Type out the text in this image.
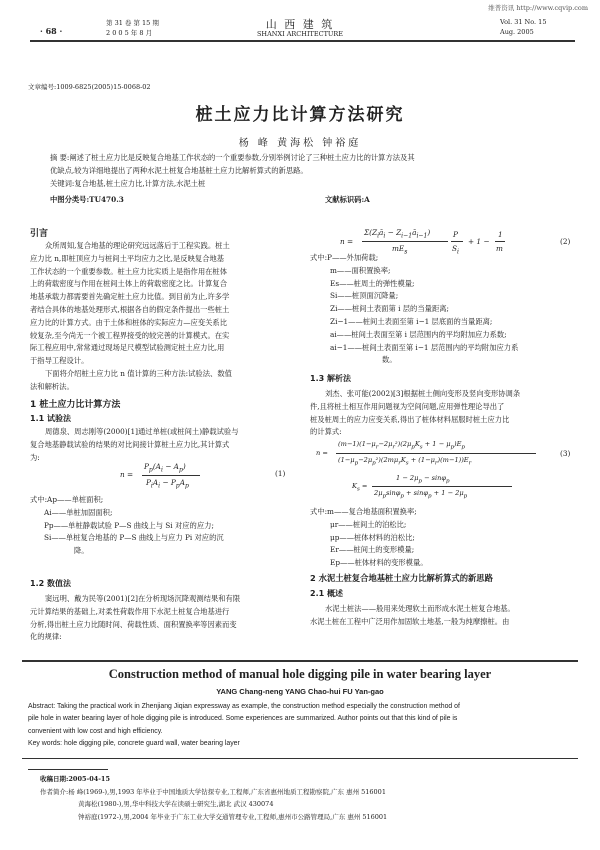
维普资讯 http://www.cqvip.com
· 68 ·
第 31 卷 第 15 期
2 0 0 5 年 8 月
山 西 建 筑
SHANXI ARCHITECTURE
Vol. 31 No. 15
Aug. 2005
文章编号:1009-6825(2005)15-0068-02
桩土应力比计算方法研究
杨 峰 黄海松 钟裕庭
摘 要:阐述了桩土应力比是反映复合地基工作状态的一个重要参数,分别举例讨论了三种桩土应力比的计算方法及其
优缺点,较为详细地提出了两种水泥土桩复合地基桩土应力比解析算式的新思路。
关键词:复合地基,桩土应力比,计算方法,水泥土桩
中图分类号:TU470.3	文献标识码:A
引言
众所周知,复合地基的理论研究远远落后于工程实践。桩土
应力比 n,即桩顶应力与桩间土平均应力之比,是反映复合地基
工作状态的一个重要参数。桩土应力比实质上是指作用在桩体
上的荷载密度与作用在桩间土体上的荷载密度之比。计算复合
地基承载力都需要首先确定桩土应力比值。到目前为止,许多学
者结合具体的地基处理形式,根据各自的假定条件提出一些桩土
应力比的计算方式。由于土体和桩体的实际应力—应变关系比
较复杂,至今尚无一个被工程界接受的较完善的计算模式。在实
际工程应用中,常常通过现场足尺模型试验测定桩土应力比,用
于指导工程设计。
下面将介绍桩土应力比 n 值计算的三种方法:试验法、数值
法和解析法。
1 桩土应力比计算方法
1.1 试验法
周德泉、周志刚等(2000)[1]通过单桩(或桩间土)静载试验与
复合地基静载试验的结果的对比间接计算桩土应力比,其计算式
为:
n =
$P_p(A_i - A_p)$
$P_iA_i - P_pA_p$
(1)
式中:Ap——单桩面积;
Ai——单桩加固面积;
Pp——单桩静载试验 P—S 曲线上与 Si 对应的应力;
Si——单桩复合地基的 P—S 曲线上与应力 Pi 对应的沉
降。
1.2 数值法
窦远明、戴为民等(2001)[2]在分析现场沉降观测结果和有限
元计算结果的基础上,对柔性荷载作用下水泥土桩复合地基进行
分析,得出桩土应力比随时间、荷载性质、面积置换率等因素而变
化的规律:
n =
$\Sigma(Z_iā_i$ − $Z_{i-1}ā_{i-1}$)
$mE_s$
P
$S_i$
+ 1 −
1
m
(2)
式中:P——外加荷载;
m——面积置换率;
Es——桩周土的弹性模量;
Si——桩顶面沉降量;
Zi——桩间土表面第 i 层的当量距离;
Zi−1——桩间土表面至第 i−1 层底面的当量距离;
ai——桩间土表面至第 i 层范围内的平均附加应力系数;
ai−1——桩间土表面至第 i−1 层范围内的平均附加应力系
数。
1.3 解析法
刘杰、张可能(2002)[3]根据桩土侧向变形及竖向变形协调条
件,且将桩土相互作用问题视为空间问题,应用弹性理论导出了
桩及桩周土的应力应变关系,得出了桩体材料屈服时桩土应力比
的计算式:
n =
$(m-1)(1-\mu_r-2\mu_r^2)(2\mu_pK_s + 1 - \mu_p)E_p$
$(1-\mu_p-2\mu_p^2)(2m\mu_rK_s + (1-\mu_r)(m-1))E_r$
(3)
$K_s$ =
$1 - 2\mu_p - \sin\varphi_p$
$2\mu_p\sin\varphi_p + \sin\varphi_p + 1 - 2\mu_p$
式中:m——复合地基面积置换率;
μr——桩间土的泊松比;
μp——桩体材料的泊松比;
Er——桩间土的变形模量;
Ep——桩体材料的变形模量。
2 水泥土桩复合地基桩土应力比解析算式的新思路
2.1 概述
水泥土桩法——般用来处理软土而形成水泥土桩复合地基。
水泥土桩在工程中广泛用作加固软土地基,一般为纯摩擦桩。由
Construction method of manual hole digging pile in water bearing layer
YANG Chang-neng YANG Chao-hui FU Yan-gao
Abstract: Taking the practical work in Zhenjiang Jiqian expressway as example, the construction method especially the construction method of
pile hole in water bearing layer of hole digging pile is introduced. Some experiences are summarized. Author points out that this kind of pile is
convenient with low cost and high efficiency.
Key words: hole digging pile, concrete guard wall, water bearing layer
收稿日期:2005-04-15
作者简介:杨 峰(1969-),男,1993 年毕业于中国地质大学钻探专业,工程师,广东省惠州地质工程勘察院,广东 惠州 516001
黄海松(1980-),男,华中科技大学在读硕士研究生,湖北 武汉 430074
钟裕庭(1972-),男,2004 年毕业于广东工业大学交通管理专业,工程师,惠州市公路管理局,广东 惠州 516001
